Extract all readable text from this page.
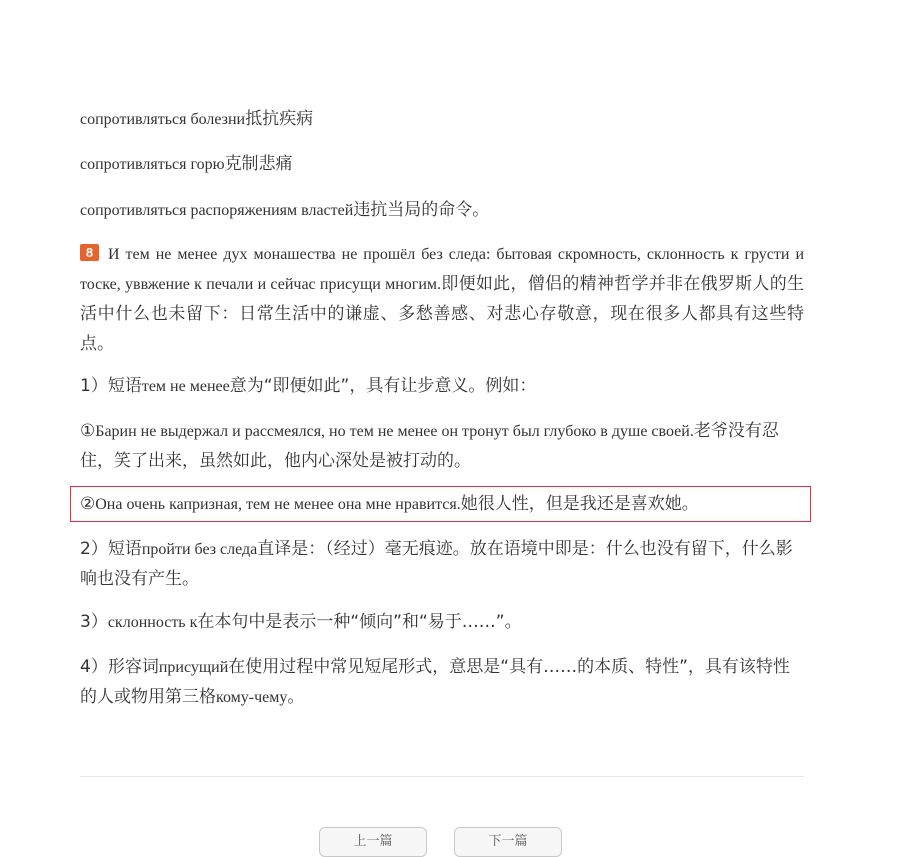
сопротивляться болезни抵抗疾病

сопротивляться горю克制悲痛

сопротивляться распоряжениям властей违抗当局的命令。

8 И тем не менее дух монашества не прошёл без следа: бытовая скромность, склонность к грусти и тоске, уввжение к печали и сейчас присущи многим.即便如此，僧侣的精神哲学并非在俄罗斯人的生活中什么也未留下：日常生活中的谦虚、多愁善感、对悲心存敬意，现在很多人都具有这些特点。

1）短语тем не менее意为“即便如此”，具有让步意义。例如：

①Барин не выдержал и рассмеялся, но тем не менее он тронут был глубоко в душе своей.老爷没有忍住，笑了出来，虽然如此，他内心深处是被打动的。

②Она очень капризная, тем не менее она мне нравится.她很人性，但是我还是喜欢她。

2）短语пройти без следа直译是：（经过）毫无痕迹。放在语境中即是：什么也没有留下，什么影响也没有产生。

3）склонность к在本句中是表示一种“倾向”和“易于……”。

4）形容词присущий在使用过程中常见短尾形式，意思是“具有……的本质、特性”，具有该特性的人或物用第三格кому-чему。

上一篇	下一篇
